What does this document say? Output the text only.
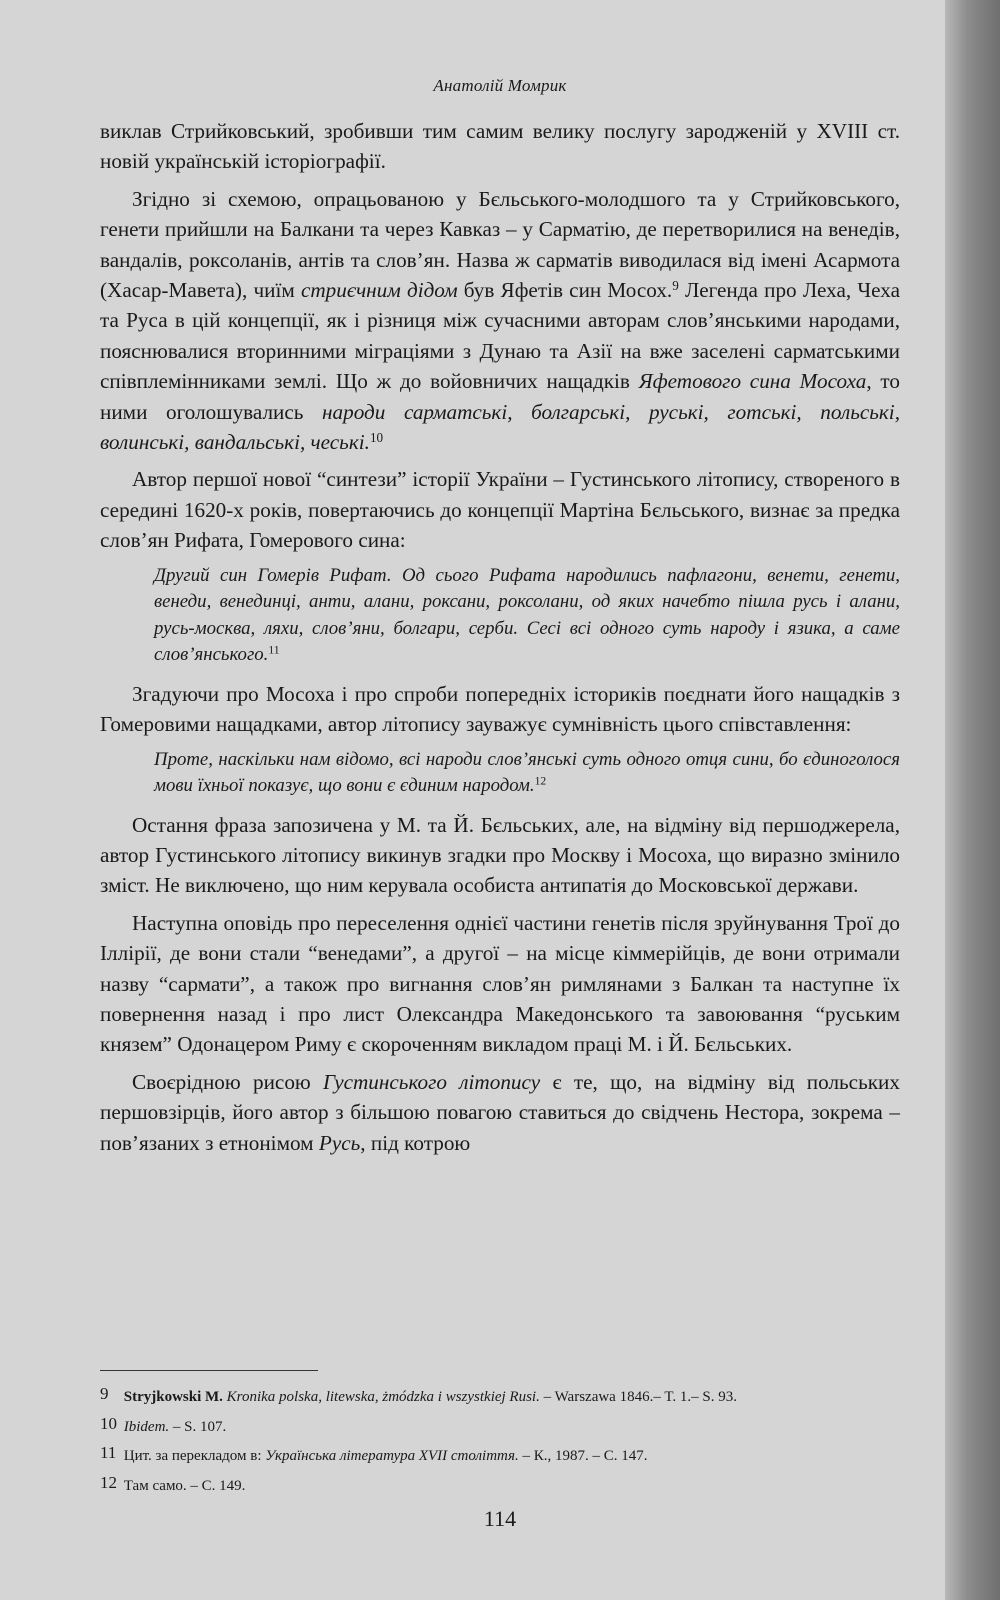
Анатолій Момрик

виклав Стрийковський, зробивши тим самим велику послугу зародженій у XVIII ст. новій українській історіографії.

Згідно зі схемою, опрацьованою у Бєльського-молодшого та у Стрийковського, генети прийшли на Балкани та через Кавказ – у Сарматію, де перетворилися на венедів, вандалів, роксоланів, антів та слов’ян. Назва ж сарматів виводилася від імені Асармота (Хасар-Мавета), чиїм стриєчним дідом був Яфетів син Мосох.$^9$ Легенда про Леха, Чеха та Руса в цій концепції, як і різниця між сучасними авторам слов’янськими народами, пояснювалися вторинними міграціями з Дунаю та Азії на вже заселені сарматськими співплемінниками землі. Що ж до войовничих нащадків Яфетового сина Мосоха, то ними оголошувались народи сарматські, болгарські, руські, готські, польські, волинські, вандальські, чеські.$^{10}$

Автор першої нової “синтези” історії України – Густинського літопису, створеного в середині 1620-х років, повертаючись до концепції Мартіна Бєльського, визнає за предка слов’ян Рифата, Гомерового сина:

Другий син Гомерів Рифат. Од сього Рифата народились пафлагони, венети, генети, венеди, венединці, анти, алани, роксани, роксолани, од яких начебто пішла русь і алани, русь-москва, ляхи, слов’яни, болгари, серби. Сесі всі одного суть народу і язика, а саме слов’янського.$^{11}$

Згадуючи про Мосоха і про спроби попередніх істориків поєднати його нащадків з Гомеровими нащадками, автор літопису зауважує сумнівність цього співставлення:

Проте, наскільки нам відомо, всі народи слов’янські суть одного отця сини, бо єдиноголося мови їхньої показує, що вони є єдиним народом.$^{12}$

Остання фраза запозичена у М. та Й. Бєльських, але, на відміну від першоджерела, автор Густинського літопису викинув згадки про Москву і Мосоха, що виразно змінило зміст. Не виключено, що ним керувала особиста антипатія до Московської держави.

Наступна оповідь про переселення однієї частини генетів після зруйнування Трої до Іллірії, де вони стали “венедами”, а другої – на місце кіммерійців, де вони отримали назву “сармати”, а також про вигнання слов’ян римлянами з Балкан та наступне їх повернення назад і про лист Олександра Македонського та завоювання “руським князем” Одонацером Риму є скороченням викладом праці М. і Й. Бєльських.

Своєрідною рисою Густинського літопису є те, що, на відміну від польських першовзірців, його автор з більшою повагою ставиться до свідчень Нестора, зокрема – пов’язаних з етнонімом Русь, під котрою

9 Stryjkowski M. Kronika polska, litewska, żmódzka i wszystkiej Rusi. – Warszawa 1846.– T. 1.– S. 93.
10 Ibidem. – S. 107.
11 Цит. за перекладом в: Українська література XVII століття. – К., 1987. – С. 147.
12 Там само. – С. 149.
114
